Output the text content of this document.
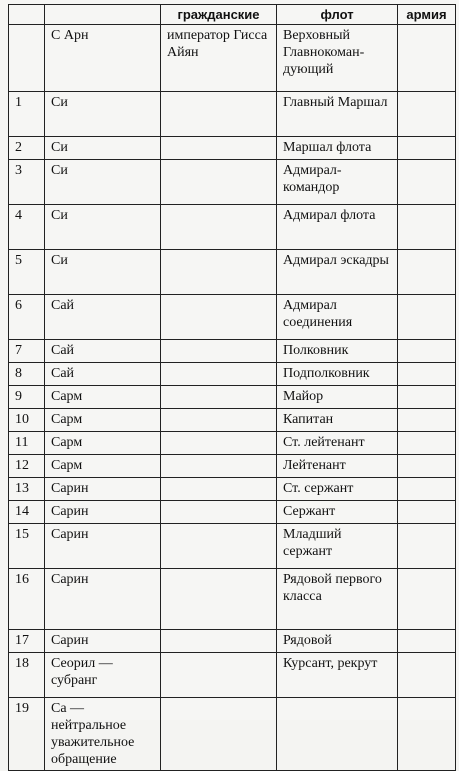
		гражданские	флот	армия
	С Арн	император Гисса Айян	Верховный Главнокоман-дующий	
1	Си		Главный Маршал	
2	Си		Маршал флота	
3	Си		Адмирал-командор	
4	Си		Адмирал флота	
5	Си		Адмирал эскадры	
6	Сай		Адмирал соединения	
7	Сай		Полковник	
8	Сай		Подполковник	
9	Сарм		Майор	
10	Сарм		Капитан	
11	Сарм		Ст. лейтенант	
12	Сарм		Лейтенант	
13	Сарин		Ст. сержант	
14	Сарин		Сержант	
15	Сарин		Младший сержант	
16	Сарин		Рядовой первого класса	
17	Сарин		Рядовой	
18	Сеорил — субранг		Курсант, рекрут	
19	Са — нейтральное уважительное обращение			
